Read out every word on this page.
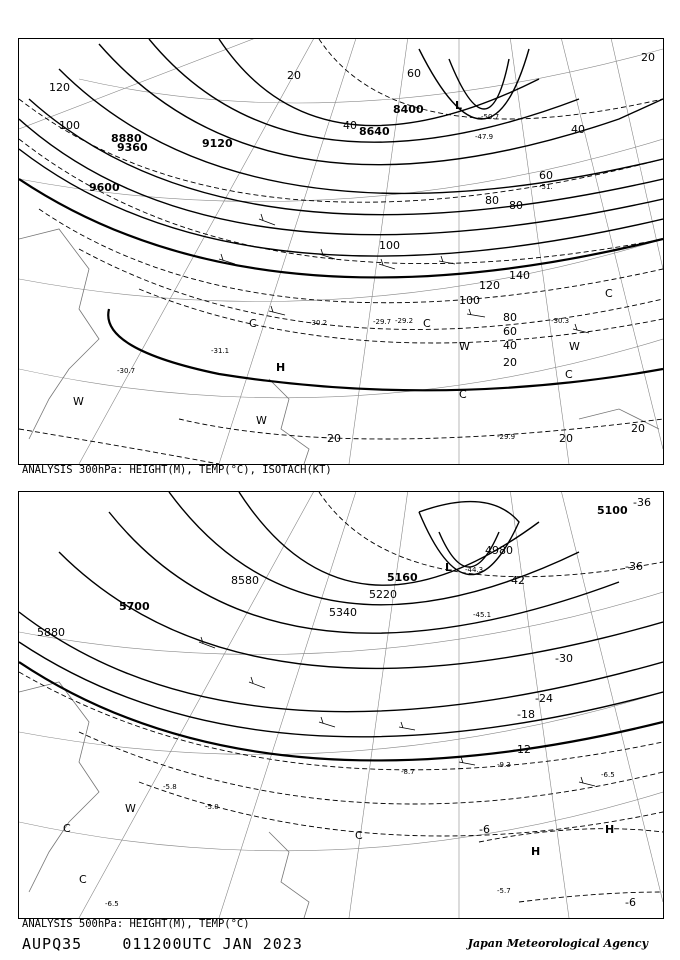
8880	9120
9360
9600
8400
8640
120
100
20
40
60
80
100
140
120
100
80
60
40
20
20	20
20
60
40
80
20
-29.7 -29.2	-30.3
-30.7
-31.1
-30.2
-29.9
-50.7
-47.9
-51.
L
H
W
W
W	W
C
C
C
C
C
ANALYSIS 300hPa: HEIGHT(M), TEMP(°C), ISOTACH(KT)
5700
5880
5160
5220
5340
4980
5100
8580
-36
-36
-42
-30
-24
-18
-12
-6
-6
-44.3
-45.1
-9.3
-6.5
-5.7
-8.7
-5.0
-5.8
-6.5
L
H
H
W
C
C
C
ANALYSIS 500hPa: HEIGHT(M), TEMP(°C)
AUPQ35	011200UTC JAN 2023	Japan Meteorological Agency
